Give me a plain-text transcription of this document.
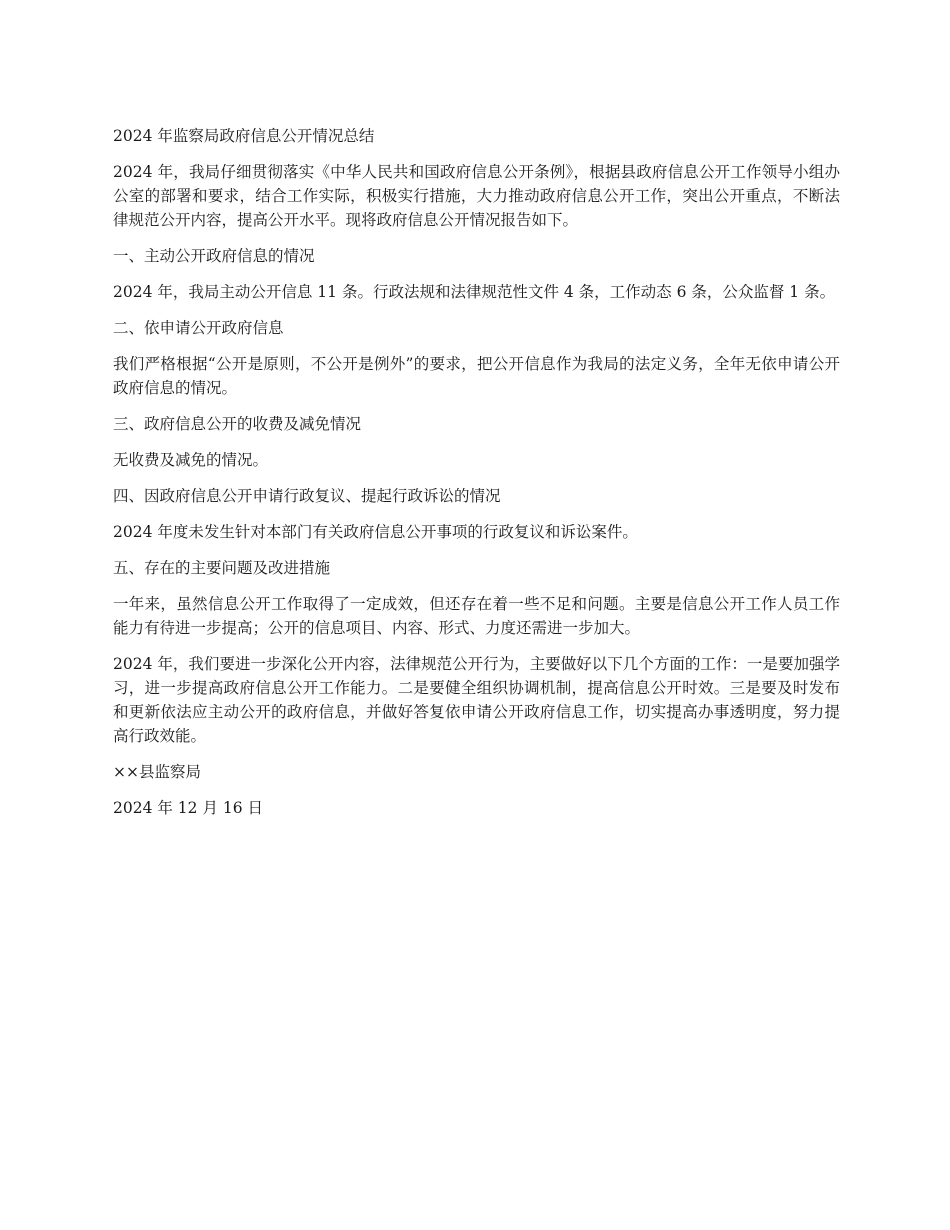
2024 年监察局政府信息公开情况总结

2024 年，我局仔细贯彻落实《中华人民共和国政府信息公开条例》，根据县政府信息公开工作领导小组办公室的部署和要求，结合工作实际，积极实行措施，大力推动政府信息公开工作，突出公开重点，不断法律规范公开内容，提高公开水平。现将政府信息公开情况报告如下。

一、主动公开政府信息的情况

2024 年，我局主动公开信息 11 条。行政法规和法律规范性文件 4 条，工作动态 6 条，公众监督 1 条。

二、依申请公开政府信息

我们严格根据“公开是原则，不公开是例外”的要求，把公开信息作为我局的法定义务，全年无依申请公开政府信息的情况。

三、政府信息公开的收费及减免情况

无收费及减免的情况。

四、因政府信息公开申请行政复议、提起行政诉讼的情况

2024 年度未发生针对本部门有关政府信息公开事项的行政复议和诉讼案件。

五、存在的主要问题及改进措施

一年来，虽然信息公开工作取得了一定成效，但还存在着一些不足和问题。主要是信息公开工作人员工作能力有待进一步提高；公开的信息项目、内容、形式、力度还需进一步加大。

2024 年，我们要进一步深化公开内容，法律规范公开行为，主要做好以下几个方面的工作：一是要加强学习，进一步提高政府信息公开工作能力。二是要健全组织协调机制，提高信息公开时效。三是要及时发布和更新依法应主动公开的政府信息，并做好答复依申请公开政府信息工作，切实提高办事透明度，努力提高行政效能。

××县监察局

2024 年 12 月 16 日
